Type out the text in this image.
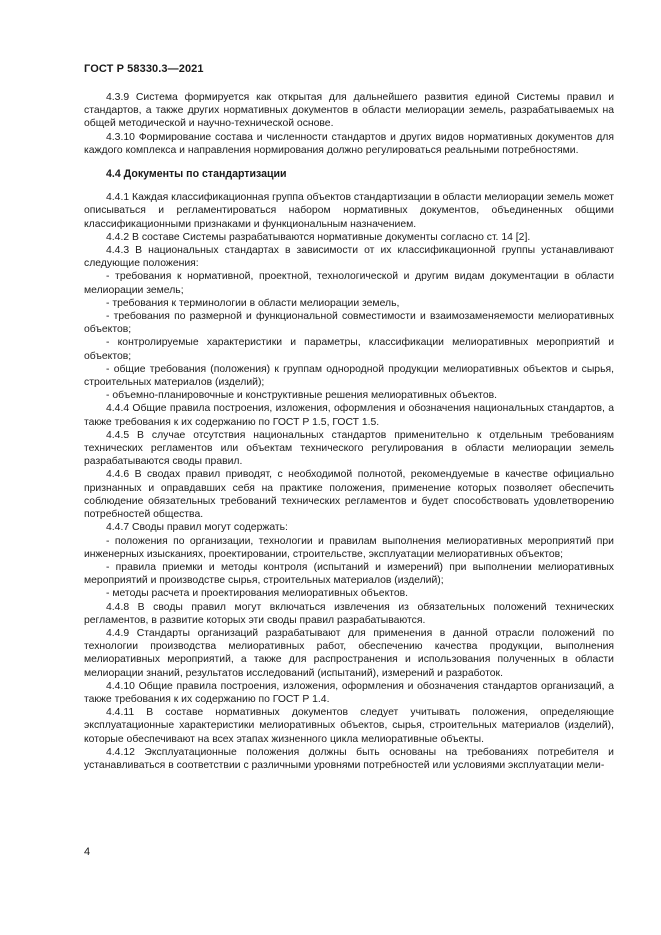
ГОСТ Р 58330.3—2021

4.3.9 Система формируется как открытая для дальнейшего развития единой Системы правил и стандартов, а также других нормативных документов в области мелиорации земель, разрабатываемых на общей методической и научно-технической основе.

4.3.10 Формирование состава и численности стандартов и других видов нормативных документов для каждого комплекса и направления нормирования должно регулироваться реальными потребностями.

4.4 Документы по стандартизации

4.4.1 Каждая классификационная группа объектов стандартизации в области мелиорации земель может описываться и регламентироваться набором нормативных документов, объединенных общими классификационными признаками и функциональным назначением.

4.4.2 В составе Системы разрабатываются нормативные документы согласно ст. 14 [2].

4.4.3 В национальных стандартах в зависимости от их классификационной группы устанавливают следующие положения:

- требования к нормативной, проектной, технологической и другим видам документации в области мелиорации земель;

- требования к терминологии в области мелиорации земель,

- требования по размерной и функциональной совместимости и взаимозаменяемости мелиоративных объектов;

- контролируемые характеристики и параметры, классификации мелиоративных мероприятий и объектов;

- общие требования (положения) к группам однородной продукции мелиоративных объектов и сырья, строительных материалов (изделий);

- объемно-планировочные и конструктивные решения мелиоративных объектов.

4.4.4 Общие правила построения, изложения, оформления и обозначения национальных стандартов, а также требования к их содержанию по ГОСТ Р 1.5, ГОСТ 1.5.

4.4.5 В случае отсутствия национальных стандартов применительно к отдельным требованиям технических регламентов или объектам технического регулирования в области мелиорации земель разрабатываются своды правил.

4.4.6 В сводах правил приводят, с необходимой полнотой, рекомендуемые в качестве официально признанных и оправдавших себя на практике положения, применение которых позволяет обеспечить соблюдение обязательных требований технических регламентов и будет способствовать удовлетворению потребностей общества.

4.4.7 Своды правил могут содержать:

- положения по организации, технологии и правилам выполнения мелиоративных мероприятий при инженерных изысканиях, проектировании, строительстве, эксплуатации мелиоративных объектов;

- правила приемки и методы контроля (испытаний и измерений) при выполнении мелиоративных мероприятий и производстве сырья, строительных материалов (изделий);

- методы расчета и проектирования мелиоративных объектов.

4.4.8 В своды правил могут включаться извлечения из обязательных положений технических регламентов, в развитие которых эти своды правил разрабатываются.

4.4.9 Стандарты организаций разрабатывают для применения в данной отрасли положений по технологии производства мелиоративных работ, обеспечению качества продукции, выполнения мелиоративных мероприятий, а также для распространения и использования полученных в области мелиорации знаний, результатов исследований (испытаний), измерений и разработок.

4.4.10 Общие правила построения, изложения, оформления и обозначения стандартов организаций, а также требования к их содержанию по ГОСТ Р 1.4.

4.4.11 В составе нормативных документов следует учитывать положения, определяющие эксплуатационные характеристики мелиоративных объектов, сырья, строительных материалов (изделий), которые обеспечивают на всех этапах жизненного цикла мелиоративные объекты.

4.4.12 Эксплуатационные положения должны быть основаны на требованиях потребителя и устанавливаться в соответствии с различными уровнями потребностей или условиями эксплуатации мели-

4
